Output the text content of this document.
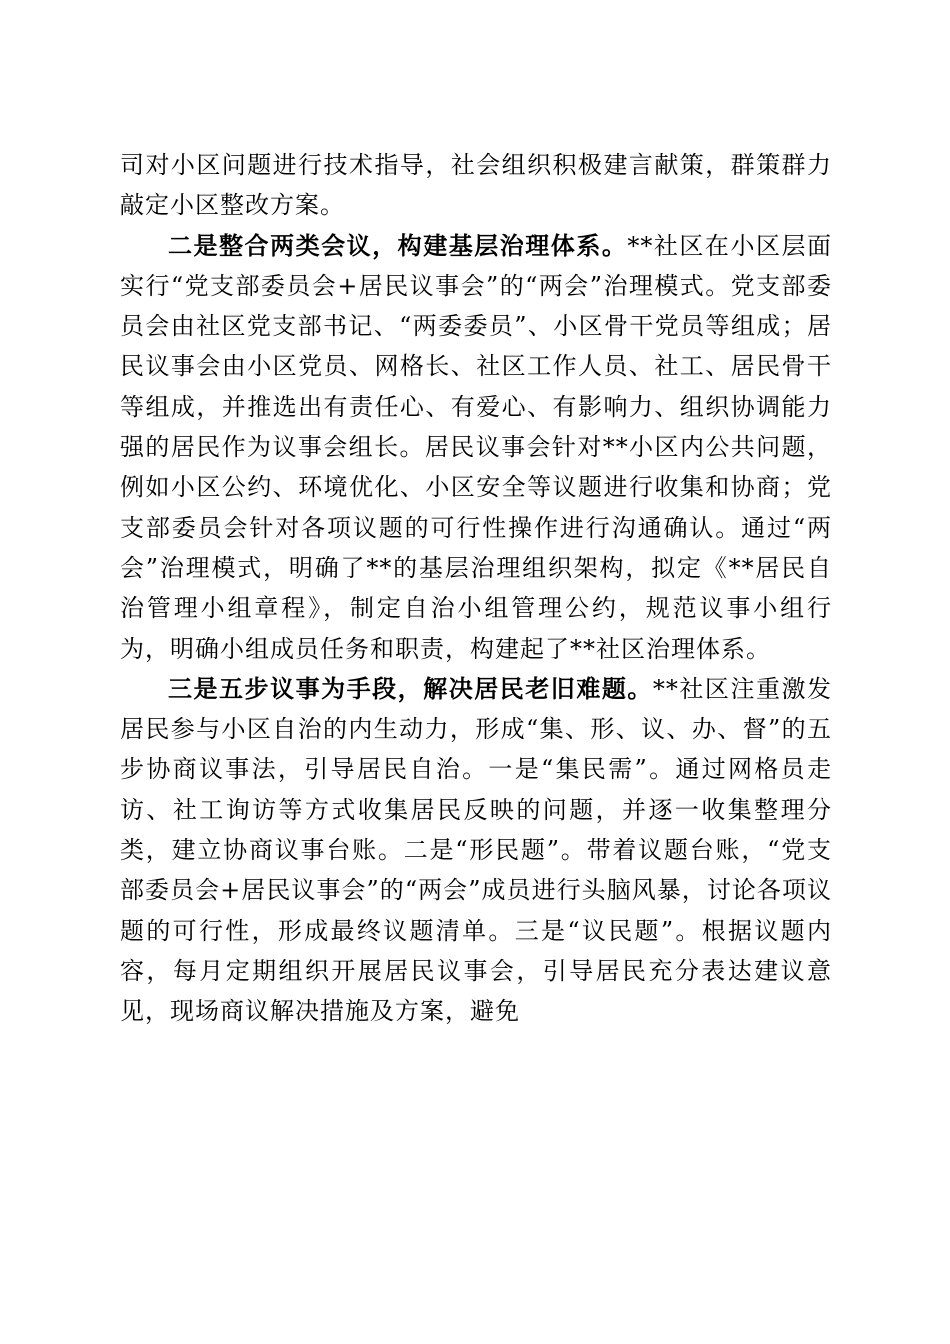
司对小区问题进行技术指导，社会组织积极建言献策，群策群力敲定小区整改方案。

二是整合两类会议，构建基层治理体系。**社区在小区层面实行“党支部委员会+居民议事会”的“两会”治理模式。党支部委员会由社区党支部书记、“两委委员”、小区骨干党员等组成；居民议事会由小区党员、网格长、社区工作人员、社工、居民骨干等组成，并推选出有责任心、有爱心、有影响力、组织协调能力强的居民作为议事会组长。居民议事会针对**小区内公共问题，例如小区公约、环境优化、小区安全等议题进行收集和协商；党支部委员会针对各项议题的可行性操作进行沟通确认。通过“两会”治理模式，明确了**的基层治理组织架构，拟定《**居民自治管理小组章程》，制定自治小组管理公约，规范议事小组行为，明确小组成员任务和职责，构建起了**社区治理体系。

三是五步议事为手段，解决居民老旧难题。**社区注重激发居民参与小区自治的内生动力，形成“集、形、议、办、督”的五步协商议事法，引导居民自治。一是“集民需”。通过网格员走访、社工询访等方式收集居民反映的问题，并逐一收集整理分类，建立协商议事台账。二是“形民题”。带着议题台账，“党支部委员会+居民议事会”的“两会”成员进行头脑风暴，讨论各项议题的可行性，形成最终议题清单。三是“议民题”。根据议题内容，每月定期组织开展居民议事会，引导居民充分表达建议意见，现场商议解决措施及方案，避免
